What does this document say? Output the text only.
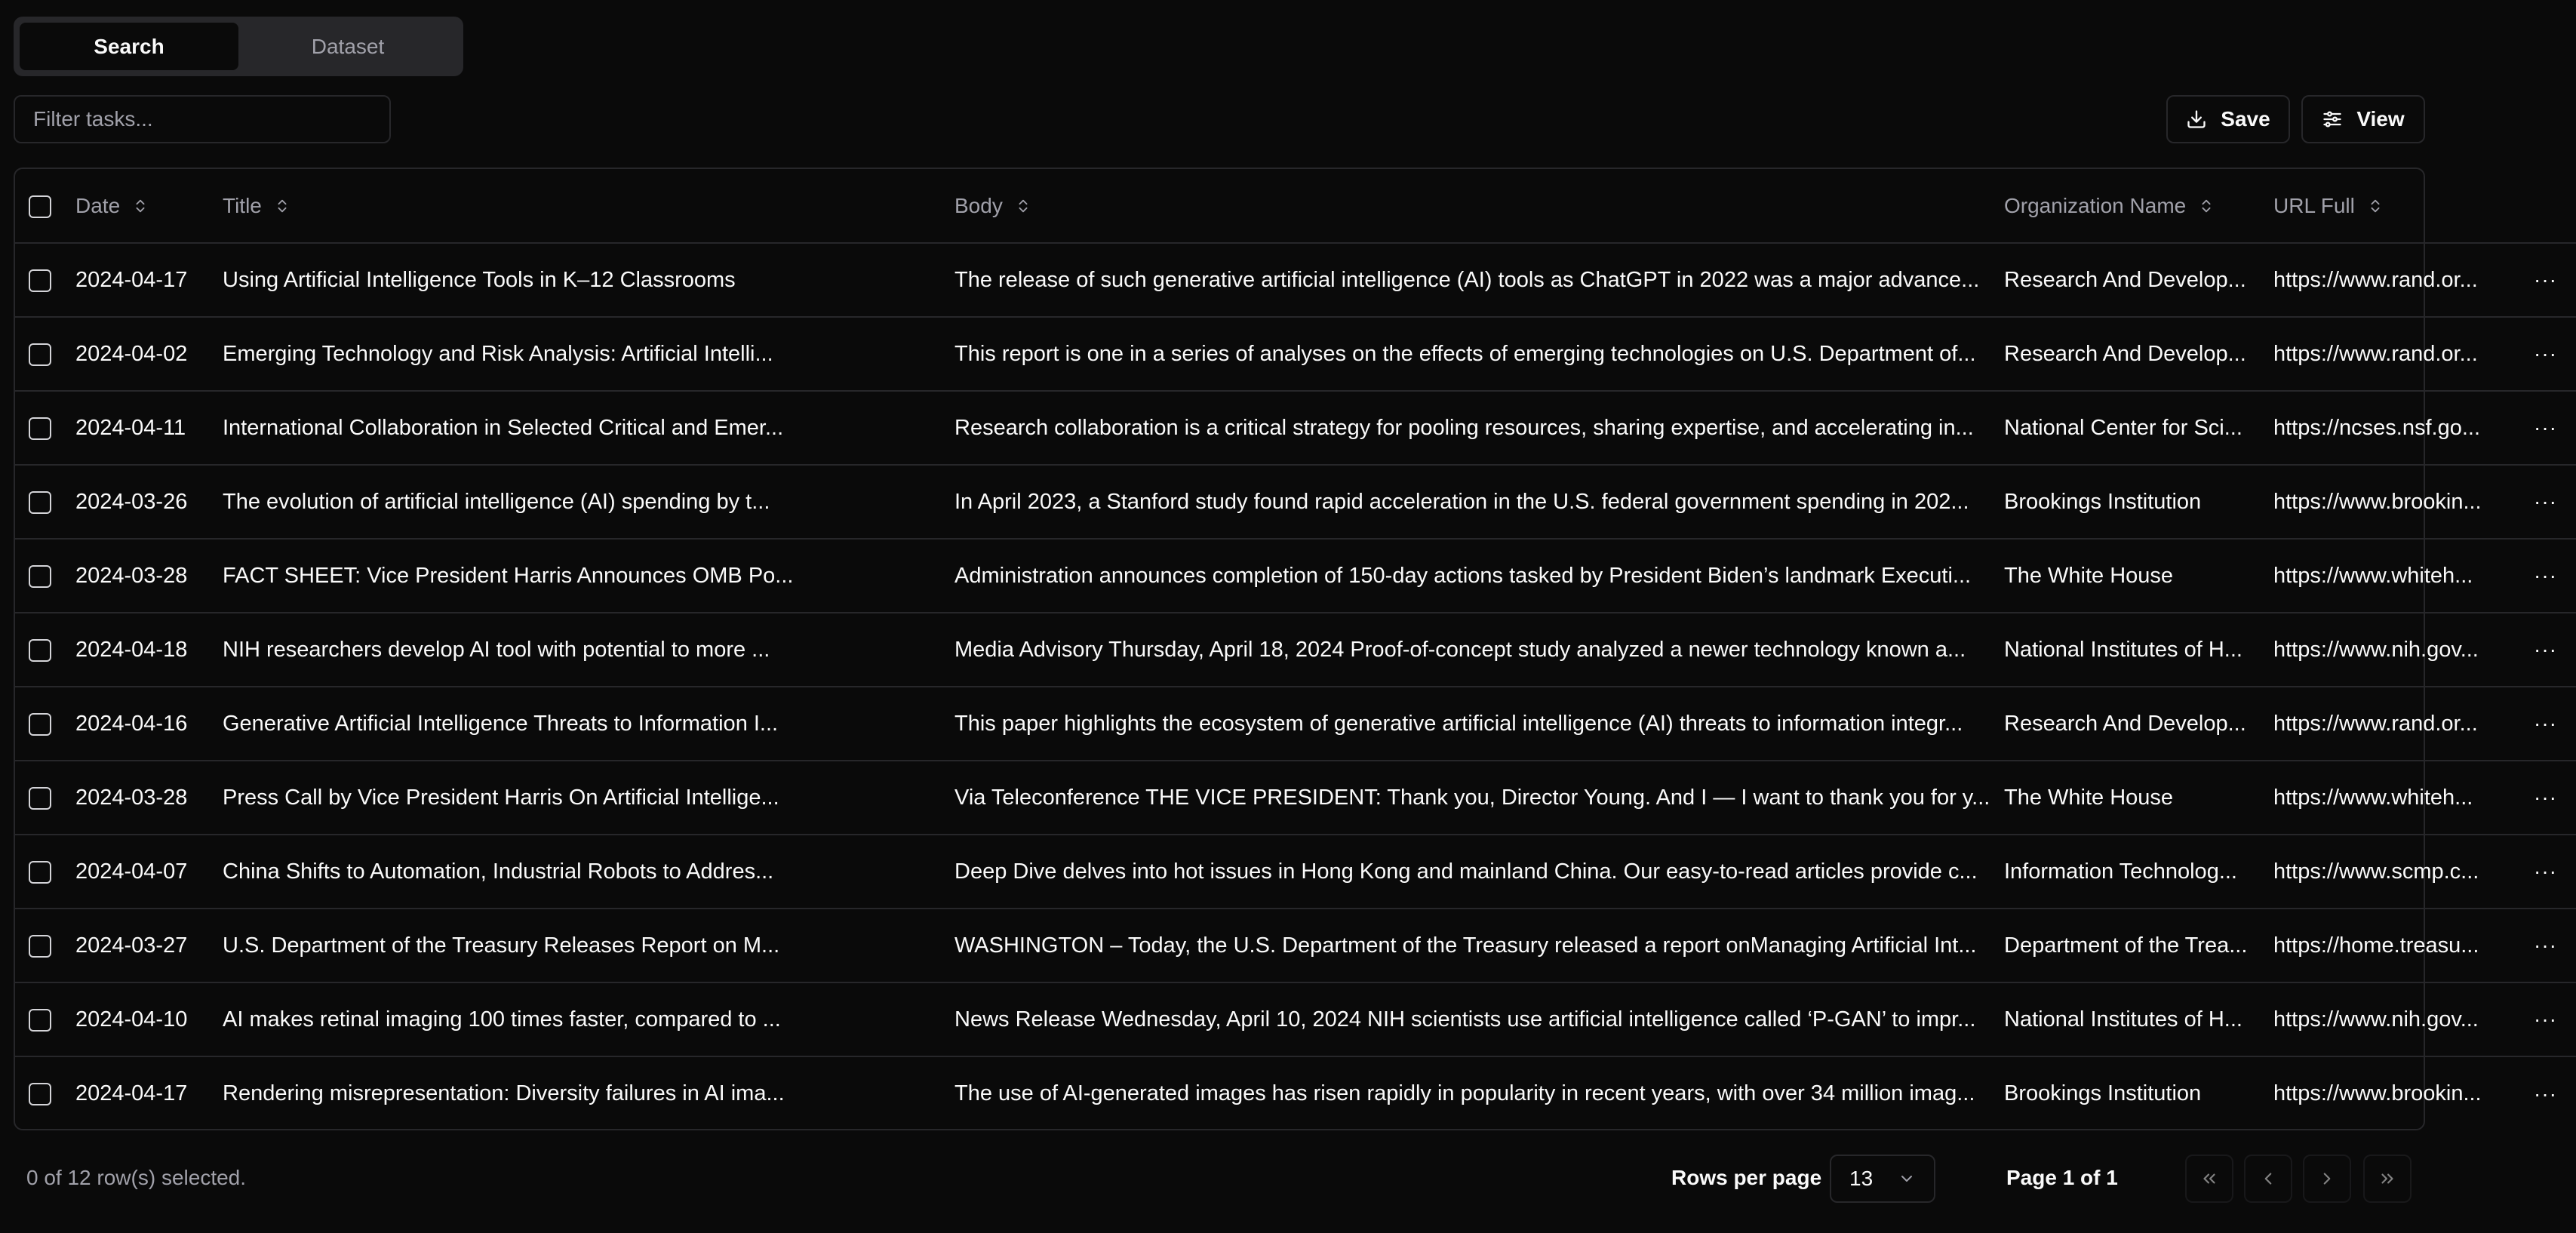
Search	Dataset
Filter tasks...
Save	View

	Date	Title	Body	Organization Name	URL Full	

	2024-04-17	Using Artificial Intelligence Tools in K–12 Classrooms	The release of such generative artificial intelligence (AI) tools as ChatGPT in 2022 was a major advance...	Research And Develop...	https://www.rand.or...	···

	2024-04-02	Emerging Technology and Risk Analysis: Artificial Intelli...	This report is one in a series of analyses on the effects of emerging technologies on U.S. Department of...	Research And Develop...	https://www.rand.or...	···

	2024-04-11	International Collaboration in Selected Critical and Emer...	Research collaboration is a critical strategy for pooling resources, sharing expertise, and accelerating in...	National Center for Sci...	https://ncses.nsf.go...	···

	2024-03-26	The evolution of artificial intelligence (AI) spending by t...	In April 2023, a Stanford study found rapid acceleration in the U.S. federal government spending in 202...	Brookings Institution	https://www.brookin...	···

	2024-03-28	FACT SHEET: Vice President Harris Announces OMB Po...	Administration announces completion of 150-day actions tasked by President Biden’s landmark Executi...	The White House	https://www.whiteh...	···

	2024-04-18	NIH researchers develop AI tool with potential to more ...	Media Advisory Thursday, April 18, 2024 Proof-of-concept study analyzed a newer technology known a...	National Institutes of H...	https://www.nih.gov...	···

	2024-04-16	Generative Artificial Intelligence Threats to Information I...	This paper highlights the ecosystem of generative artificial intelligence (AI) threats to information integr...	Research And Develop...	https://www.rand.or...	···

	2024-03-28	Press Call by Vice President Harris On Artificial Intellige...	Via Teleconference THE VICE PRESIDENT: Thank you, Director Young. And I — I want to thank you for y...	The White House	https://www.whiteh...	···

	2024-04-07	China Shifts to Automation, Industrial Robots to Addres...	Deep Dive delves into hot issues in Hong Kong and mainland China. Our easy-to-read articles provide c...	Information Technolog...	https://www.scmp.c...	···

	2024-03-27	U.S. Department of the Treasury Releases Report on M...	WASHINGTON – Today, the U.S. Department of the Treasury released a report onManaging Artificial Int...	Department of the Trea...	https://home.treasu...	···

	2024-04-10	AI makes retinal imaging 100 times faster, compared to ...	News Release Wednesday, April 10, 2024 NIH scientists use artificial intelligence called ‘P-GAN’ to impr...	National Institutes of H...	https://www.nih.gov...	···

	2024-04-17	Rendering misrepresentation: Diversity failures in AI ima...	The use of AI-generated images has risen rapidly in popularity in recent years, with over 34 million imag...	Brookings Institution	https://www.brookin...	···
0 of 12 row(s) selected.	Rows per page 13	Page 1 of 1
